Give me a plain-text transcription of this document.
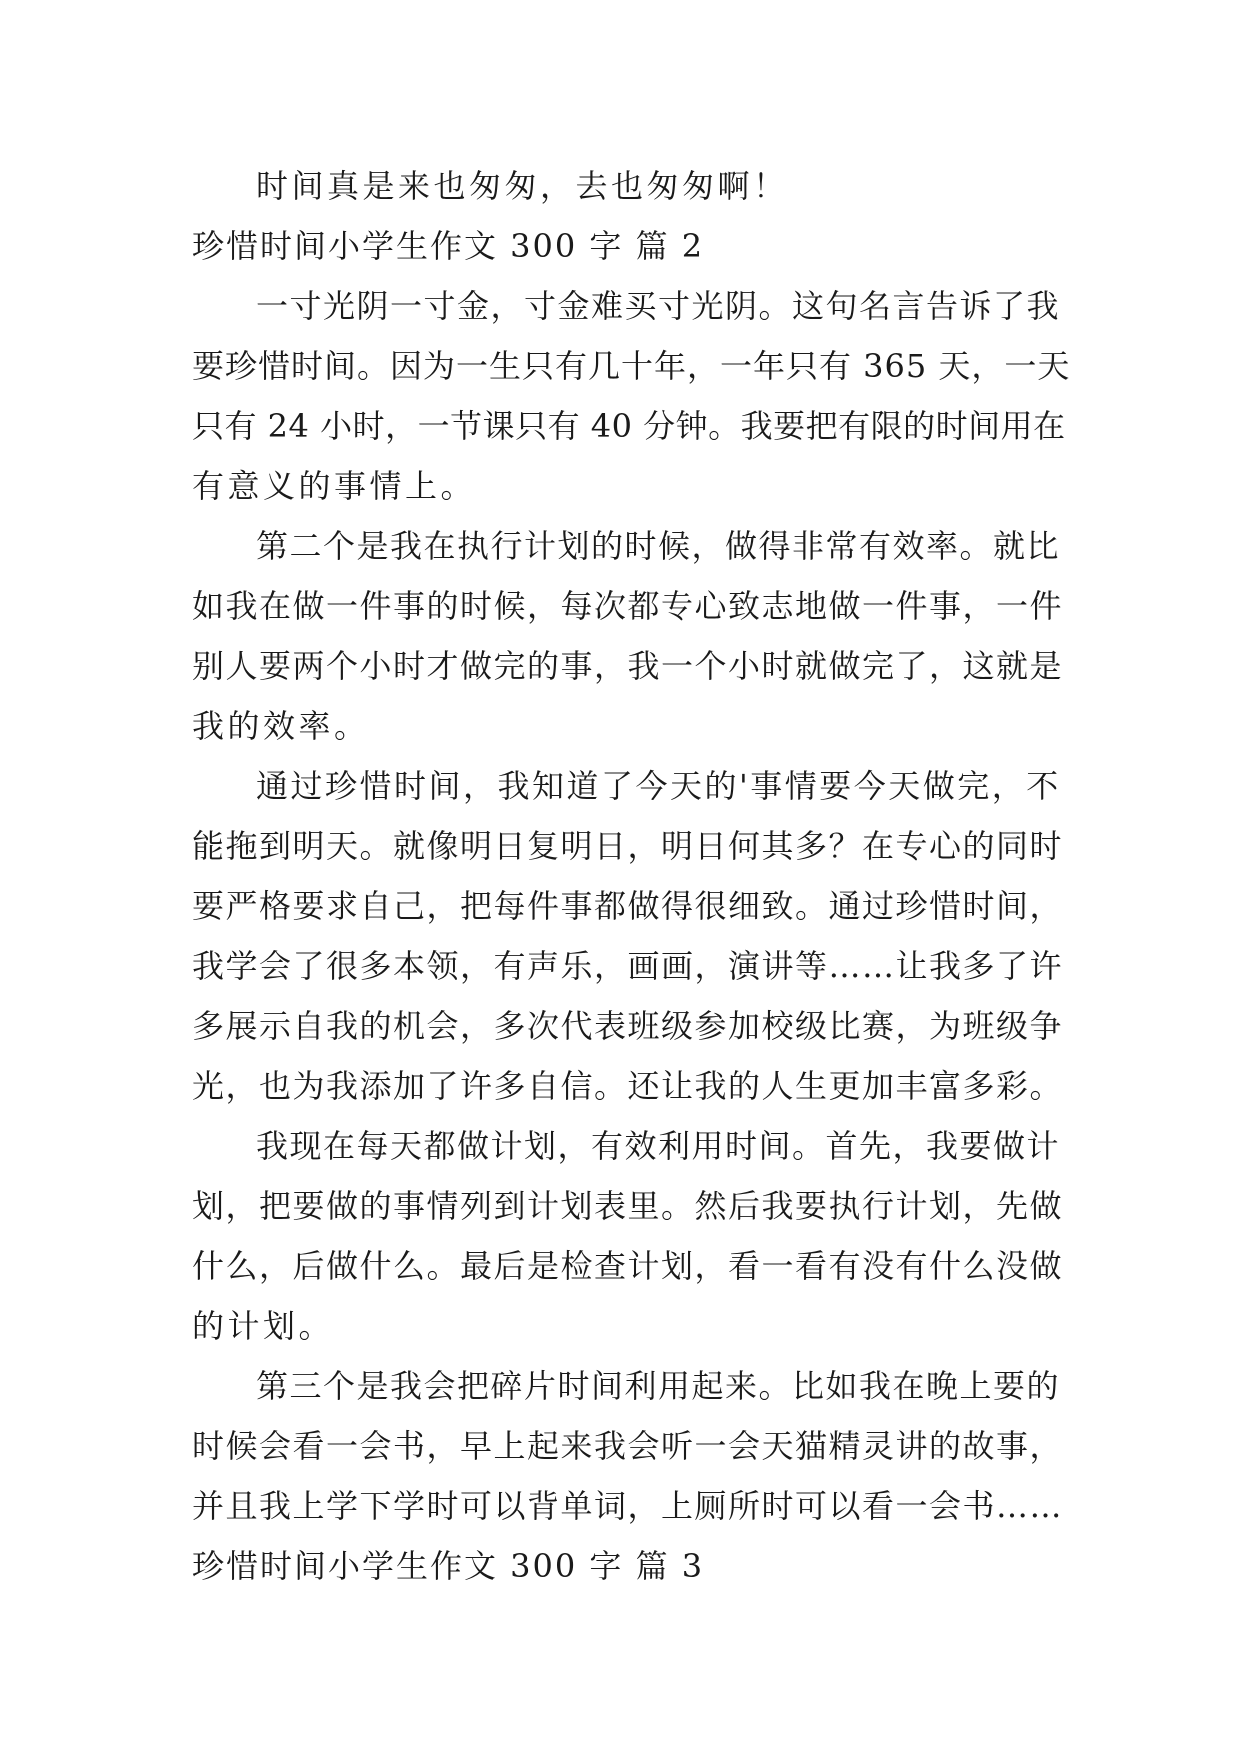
时间真是来也匆匆，去也匆匆啊！
珍惜时间小学生作文 300 字 篇 2
一寸光阴一寸金，寸金难买寸光阴。这句名言告诉了我
要珍惜时间。因为一生只有几十年，一年只有 365 天，一天
只有 24 小时，一节课只有 40 分钟。我要把有限的时间用在
有意义的事情上。
第二个是我在执行计划的时候，做得非常有效率。就比
如我在做一件事的时候，每次都专心致志地做一件事，一件
别人要两个小时才做完的事，我一个小时就做完了，这就是
我的效率。
通过珍惜时间，我知道了今天的'事情要今天做完，不
能拖到明天。就像明日复明日，明日何其多？在专心的同时
要严格要求自己，把每件事都做得很细致。通过珍惜时间，
我学会了很多本领，有声乐，画画，演讲等……让我多了许
多展示自我的机会，多次代表班级参加校级比赛，为班级争
光，也为我添加了许多自信。还让我的人生更加丰富多彩。
我现在每天都做计划，有效利用时间。首先，我要做计
划，把要做的事情列到计划表里。然后我要执行计划，先做
什么，后做什么。最后是检查计划，看一看有没有什么没做
的计划。
第三个是我会把碎片时间利用起来。比如我在晚上要的
时候会看一会书，早上起来我会听一会天猫精灵讲的故事，
并且我上学下学时可以背单词，上厕所时可以看一会书……
珍惜时间小学生作文 300 字 篇 3
